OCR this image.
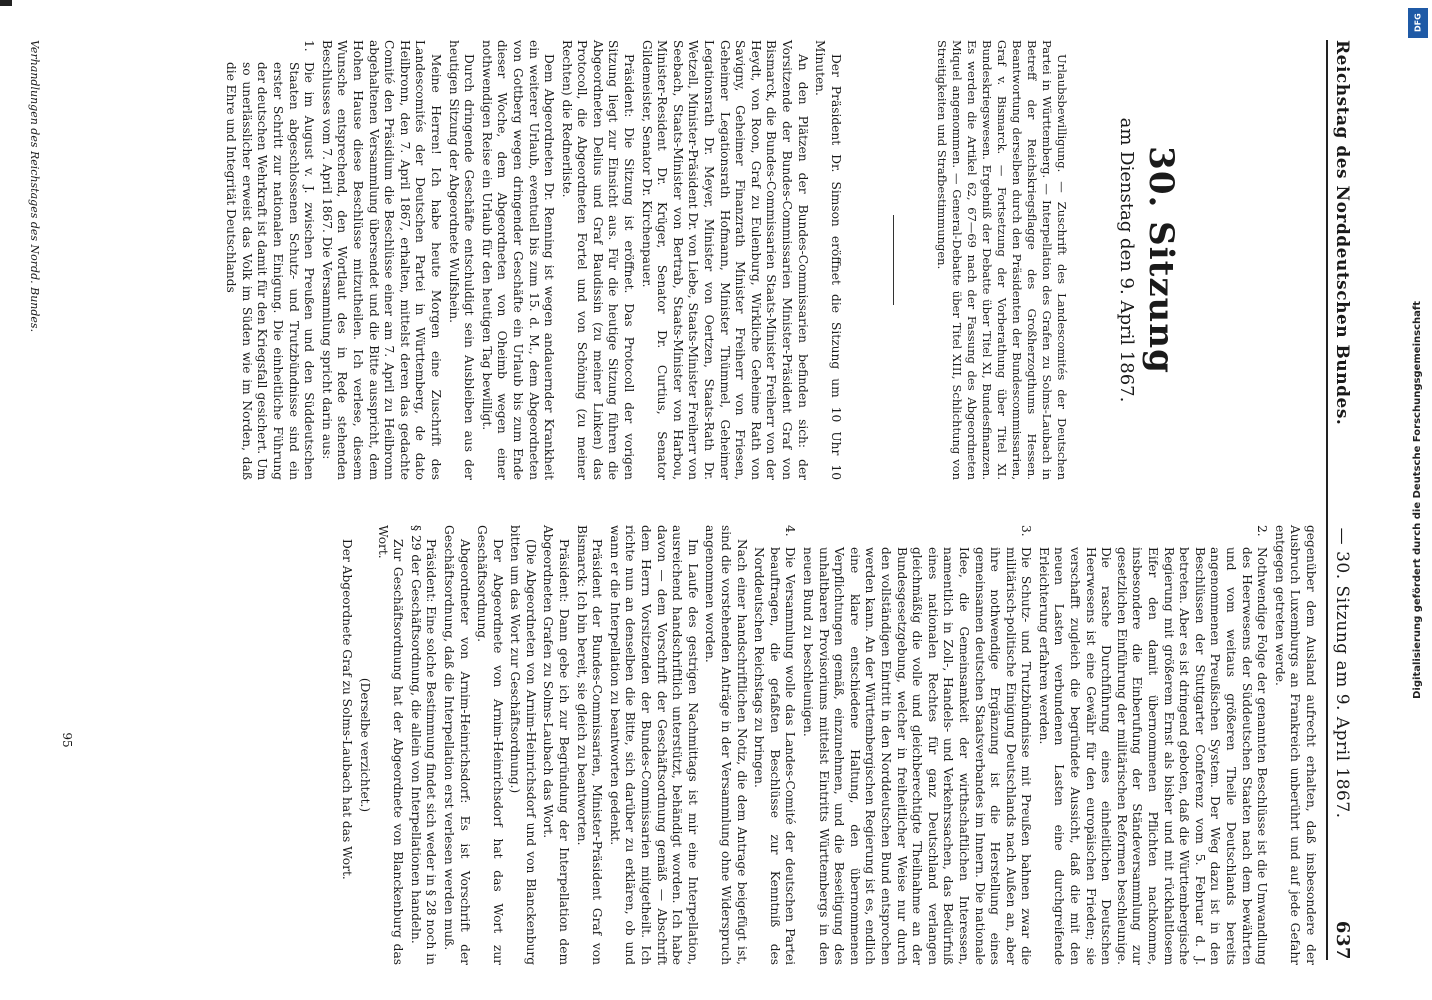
Reichstag des Norddeutschen Bundes.
— 30. Sitzung am 9. April 1867.
637
30. Sitzung
am Dienstag den 9. April 1867.

Urlaubsbewilligung. — Zuschrift des Landescomités der Deutschen Partei in Württemberg. — Interpellation des Grafen zu Solms-Laubach in Betreff der Reichskriegsflagge des Großherzogthums Hessen. Beantwortung derselben durch den Präsidenten der Bundescommissarien, Graf v. Bismarck. — Fortsetzung der Vorberathung über Titel XI. Bundeskriegswesen. Ergebniß der Debatte über Titel XI, Bundesfinanzen. Es werden die Artikel 62, 67—69 nach der Fassung des Abgeordneten Miquel angenommen. — General-Debatte über Titel XIII, Schlichtung von Streitigkeiten und Strafbestimmungen.

Der Präsident Dr. Simson eröffnet die Sitzung um 10 Uhr 10 Minuten.

An den Plätzen der Bundes-Commissarien befinden sich: der Vorsitzende der Bundes-Commissarien Minister-Präsident Graf von Bismarck, die Bundes-Commissarien Staats-Minister Freiherr von der Heydt, von Roon, Graf zu Eulenburg, Wirkliche Geheime Rath von Savigny, Geheimer Finanzrath Minister Freiherr von Friesen, Geheimer Legationsrath Hofmann, Minister Thümmel, Geheimer Legationsrath Dr. Meyer, Minister von Oertzen, Staats-Rath Dr. Wetzell, Minister-Präsident Dr. von Liebe, Staats-Minister Freiherr von Seebach, Staats-Minister von Bertrab, Staats-Minister von Harbou, Minister-Resident Dr. Krüger, Senator Dr. Curtius, Senator Gildemeister, Senator Dr. Kirchenpauer.

Präsident: Die Sitzung ist eröffnet. Das Protocoll der vorigen Sitzung liegt zur Einsicht aus. Für die heutige Sitzung führen die Abgeordneten Delius und Graf Baudissin (zu meiner Linken) das Protocoll, die Abgeordneten Fortel und von Schöning (zu meiner Rechten) die Rednerliste.

Dem Abgeordneten Dr. Renning ist wegen andauernder Krankheit ein weiterer Urlaub, eventuell bis zum 15. d. M., dem Abgeordneten von Gottberg wegen dringender Geschäfte ein Urlaub bis zum Ende dieser Woche, dem Abgeordneten von Oheimb wegen einer nothwendigen Reise ein Urlaub für den heutigen Tag bewilligt.

Durch dringende Geschäfte entschuldigt sein Ausbleiben aus der heutigen Sitzung der Abgeordnete Wulfshein.

Meine Herren! Ich habe heute Morgen eine Zuschrift des Landescomités der Deutschen Partei in Württemberg, de dato Heilbronn, den 7. April 1867, erhalten, mittelst deren das gedachte Comité den Präsidium die Beschlüsse einer am 7. April zu Heilbronn abgehaltenen Versammlung übersendet und die Bitte ausspricht, dem Hohen Hause diese Beschlüsse mitzutheilen. Ich verlese, diesem Wunsche entsprechend, den Wortlaut des in Rede stehenden Beschlusses vom 7. April 1867. Die Versammlung spricht darin aus:

1.
Die im August v. J. zwischen Preußen und den Süddeutschen Staaten abgeschlossenen Schutz- und Trutzbündnisse sind ein erster Schritt zur nationalen Einigung. Die einheitliche Führung der deutschen Wehrkraft ist damit für den Kriegsfall gesichert. Um so unerlässlicher erweist das Volk im Süden wie im Norden, daß die Ehre und Integrität Deutschlands
Verhandlungen des Reichstages des Nordd. Bundes.

gegenüber dem Ausland aufrecht erhalten, daß insbesondere der Ausbruch Luxemburgs an Frankreich unberührt und auf jede Gefahr entgegen getreten werde.

2.
Nothwendige Folge der genannten Beschlüsse ist die Umwandlung des Heerwesens der Süddeutschen Staaten nach dem bewährten und vom weitaus größeren Theile Deutschlands bereits angenommenen Preußischen System. Der Weg dazu ist in den Beschlüssen der Stuttgarter Conferenz vom 5. Februar d. J. betreten. Aber es ist dringend geboten, daß die Württembergische Regierung mit größerem Ernst als bisher und mit rückhaltlosem Eifer den damit übernommenen Pflichten nachkomme, insbesondere die Einberufung der Ständeversammlung zur gesetzlichen Einführung der militärischen Reformen beschleunige. Die rasche Durchführung eines einheitlichen Deutschen Heerwesens ist eine Gewähr für den europäischen Frieden; sie verschafft zugleich die begründete Aussicht, daß die mit den neuen Lasten verbundenen Lasten eine durchgreifende Erleichterung erfahren werden.
3.
Die Schutz- und Trutzbündnisse mit Preußen bahnen zwar die militärisch-politische Einigung Deutschlands nach Außen an, aber ihre nothwendige Ergänzung ist die Herstellung eines gemeinsamen deutschen Staatsverbandes im Innern. Die nationale Idee, die Gemeinsamkeit der wirthschaftlichen Interessen, namentlich in Zoll-, Handels- und Verkehrssachen, das Bedürfniß eines nationalen Rechtes für ganz Deutschland verlangen gleichmäßig die volle und gleichberechtigte Theilnahme an der Bundesgesetzgebung, welcher in freiheitlicher Weise nur durch den vollständigen Eintritt in den Norddeutschen Bund entsprochen werden kann. An der Württembergischen Regierung ist es, endlich eine klare entschiedene Haltung, den übernommenen Verpflichtungen gemäß, einzunehmen, und die Beseitigung des unhaltbaren Provisoriums mittelst Eintritts Württembergs in den neuen Bund zu beschleunigen.
4.
Die Versammlung wolle das Landes-Comité der deutschen Partei beauftragen, die gefaßten Beschlüsse zur Kenntniß des Norddeutschen Reichstags zu bringen.

Nach einer handschriftlichen Notiz, die dem Antrage beigefügt ist, sind die vorstehenden Anträge in der Versammlung ohne Widerspruch angenommen worden.

Im Laufe des gestrigen Nachmittags ist mir eine Interpellation, ausreichend handschriftlich unterstützt, behändigt worden. Ich habe davon — dem Vorschrift der Geschäftsordnung gemäß — Abschrift dem Herrn Vorsitzenden der Bundes-Commissarien mitgetheilt. Ich richte nun an denselben die Bitte, sich darüber zu erklären, ob und wann er die Interpellation zu beantworten gedenkt.

Präsident der Bundes-Commissarien, Minister-Präsident Graf von Bismarck: Ich bin bereit, sie gleich zu beantworten.

Präsident: Dann gebe ich zur Begründung der Interpellation dem Abgeordneten Grafen zu Solms-Laubach das Wort.

(Die Abgeordneten von Arnim-Heinrichsdorf und von Blanckenburg bitten um das Wort zur Geschäftsordnung.)

Der Abgeordnete von Arnim-Heinrichsdorf hat das Wort zur Geschäftsordnung.

Abgeordneter von Arnim-Heinrichsdorf: Es ist Vorschrift der Geschäftsordnung, daß die Interpellation erst verlesen werden muß.

Präsident: Eine solche Bestimmung findet sich weder in § 28 noch in § 29 der Geschäftsordnung, die allein von Interpellationen handeln.

Zur Geschäftsordnung hat der Abgeordnete von Blanckenburg das Wort.

(Derselbe verzichtet.)

Der Abgeordnete Graf zu Solms-Laubach hat das Wort.

95
Digitalisierung gefördert durch die Deutsche Forschungsgemeinschaft
DFG
